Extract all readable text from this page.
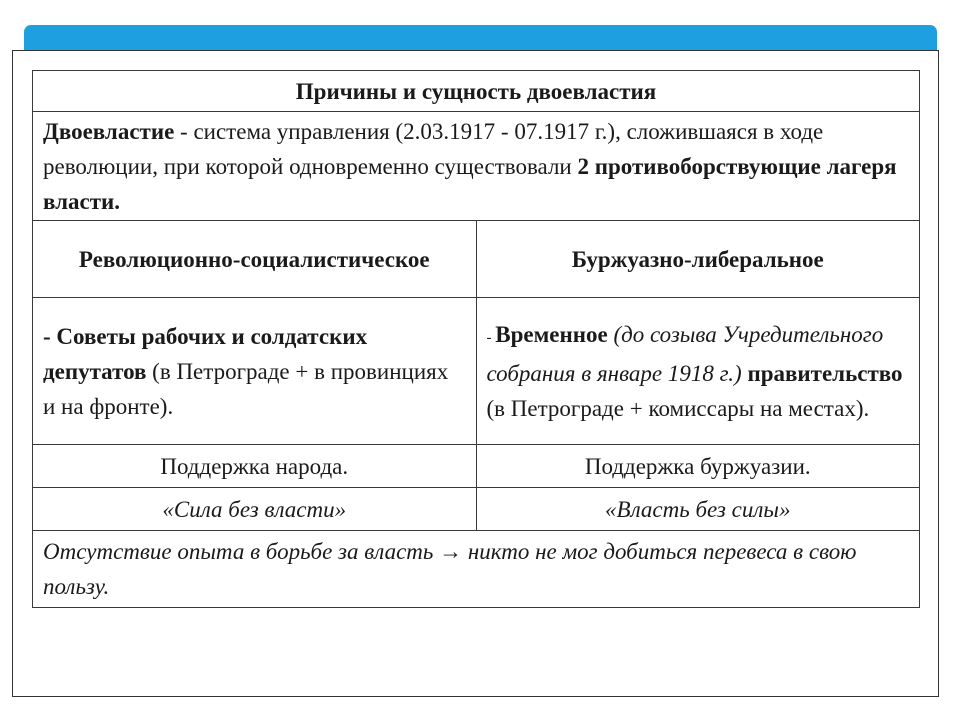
Причины и сущность двоевластия	
Двоевластие - система управления (2.03.1917 - 07.1917 г.), сложившаяся в ходе революции, при которой одновременно существовали 2 противоборствующие лагеря власти.	
Революционно-социалистическое	Буржуазно-либеральное
- Советы рабочих и солдатских депутатов (в Петрограде + в провинциях и на фронте).	- Временное (до созыва Учредительного собрания в январе 1918 г.) правительство (в Петрограде + комиссары на местах).
Поддержка народа.	Поддержка буржуазии.
«Сила без власти»	«Власть без силы»
Отсутствие опыта в борьбе за власть → никто не мог добиться перевеса в свою пользу.	
